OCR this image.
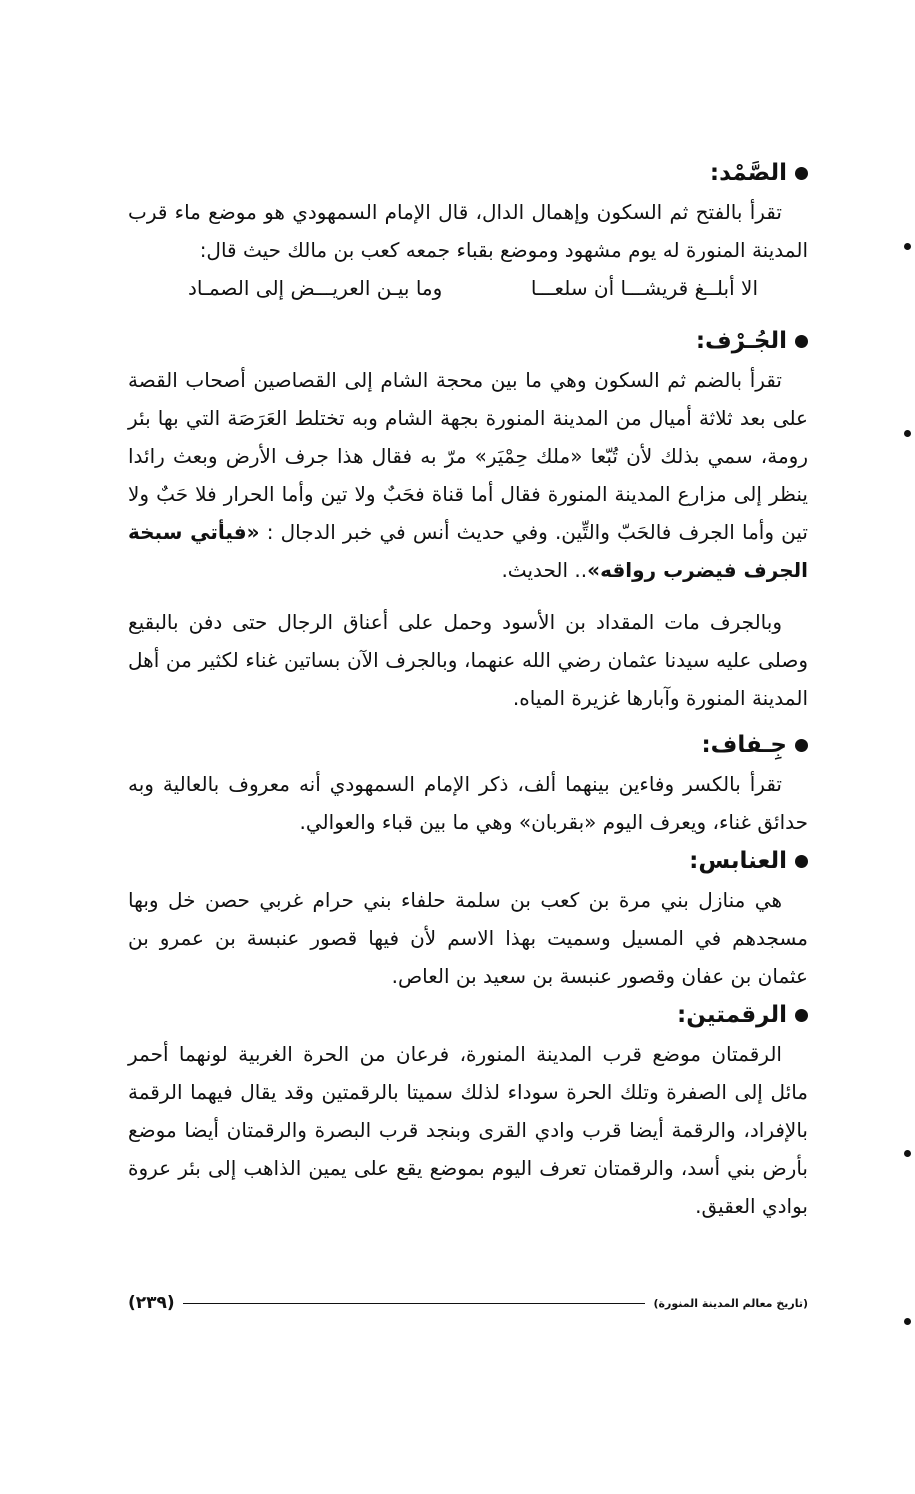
الصَّمْد:

تقرأ بالفتح ثم السكون وإهمال الدال، قال الإمام السمهودي هو موضع ماء قرب المدينة المنورة له يوم مشهود وموضع بقباء جمعه كعب بن مالك حيث قال:

الا أبلــغ قريشـــا أن سلعـــا
وما بيـن العريـــض إلى الصمـاد
الجُـرْف:

تقرأ بالضم ثم السكون وهي ما بين محجة الشام إلى القصاصين أصحاب القصة على بعد ثلاثة أميال من المدينة المنورة بجهة الشام وبه تختلط العَرَصَة التي بها بئر رومة، سمي بذلك لأن تُبّعا «ملك حِمْيَر» مرّ به فقال هذا جرف الأرض وبعث رائدا ينظر إلى مزارع المدينة المنورة فقال أما قناة فحَبٌ ولا تين وأما الحرار فلا حَبٌ ولا تين وأما الجرف فالحَبّ والتِّين. وفي حديث أنس في خبر الدجال : «فيأتي سبخة الجرف فيضرب رواقه».. الحديث.

وبالجرف مات المقداد بن الأسود وحمل على أعناق الرجال حتى دفن بالبقيع وصلى عليه سيدنا عثمان رضي الله عنهما، وبالجرف الآن بساتين غناء لكثير من أهل المدينة المنورة وآبارها غزيرة المياه.

جِـفاف:

تقرأ بالكسر وفاءين بينهما ألف، ذكر الإمام السمهودي أنه معروف بالعالية وبه حدائق غناء، ويعرف اليوم «بقربان» وهي ما بين قباء والعوالي.

العنابس:

هي منازل بني مرة بن كعب بن سلمة حلفاء بني حرام غربي حصن خل وبها مسجدهم في المسيل وسميت بهذا الاسم لأن فيها قصور عنبسة بن عمرو بن عثمان بن عفان وقصور عنبسة بن سعيد بن العاص.

الرقمتين:

الرقمتان موضع قرب المدينة المنورة، فرعان من الحرة الغربية لونهما أحمر مائل إلى الصفرة وتلك الحرة سوداء لذلك سميتا بالرقمتين وقد يقال فيهما الرقمة بالإفراد، والرقمة أيضا قرب وادي القرى وبنجد قرب البصرة والرقمتان أيضا موضع بأرض بني أسد، والرقمتان تعرف اليوم بموضع يقع على يمين الذاهب إلى بئر عروة بوادي العقيق.

(تاريخ معالم المدينة المنورة)
(٢٣٩)
